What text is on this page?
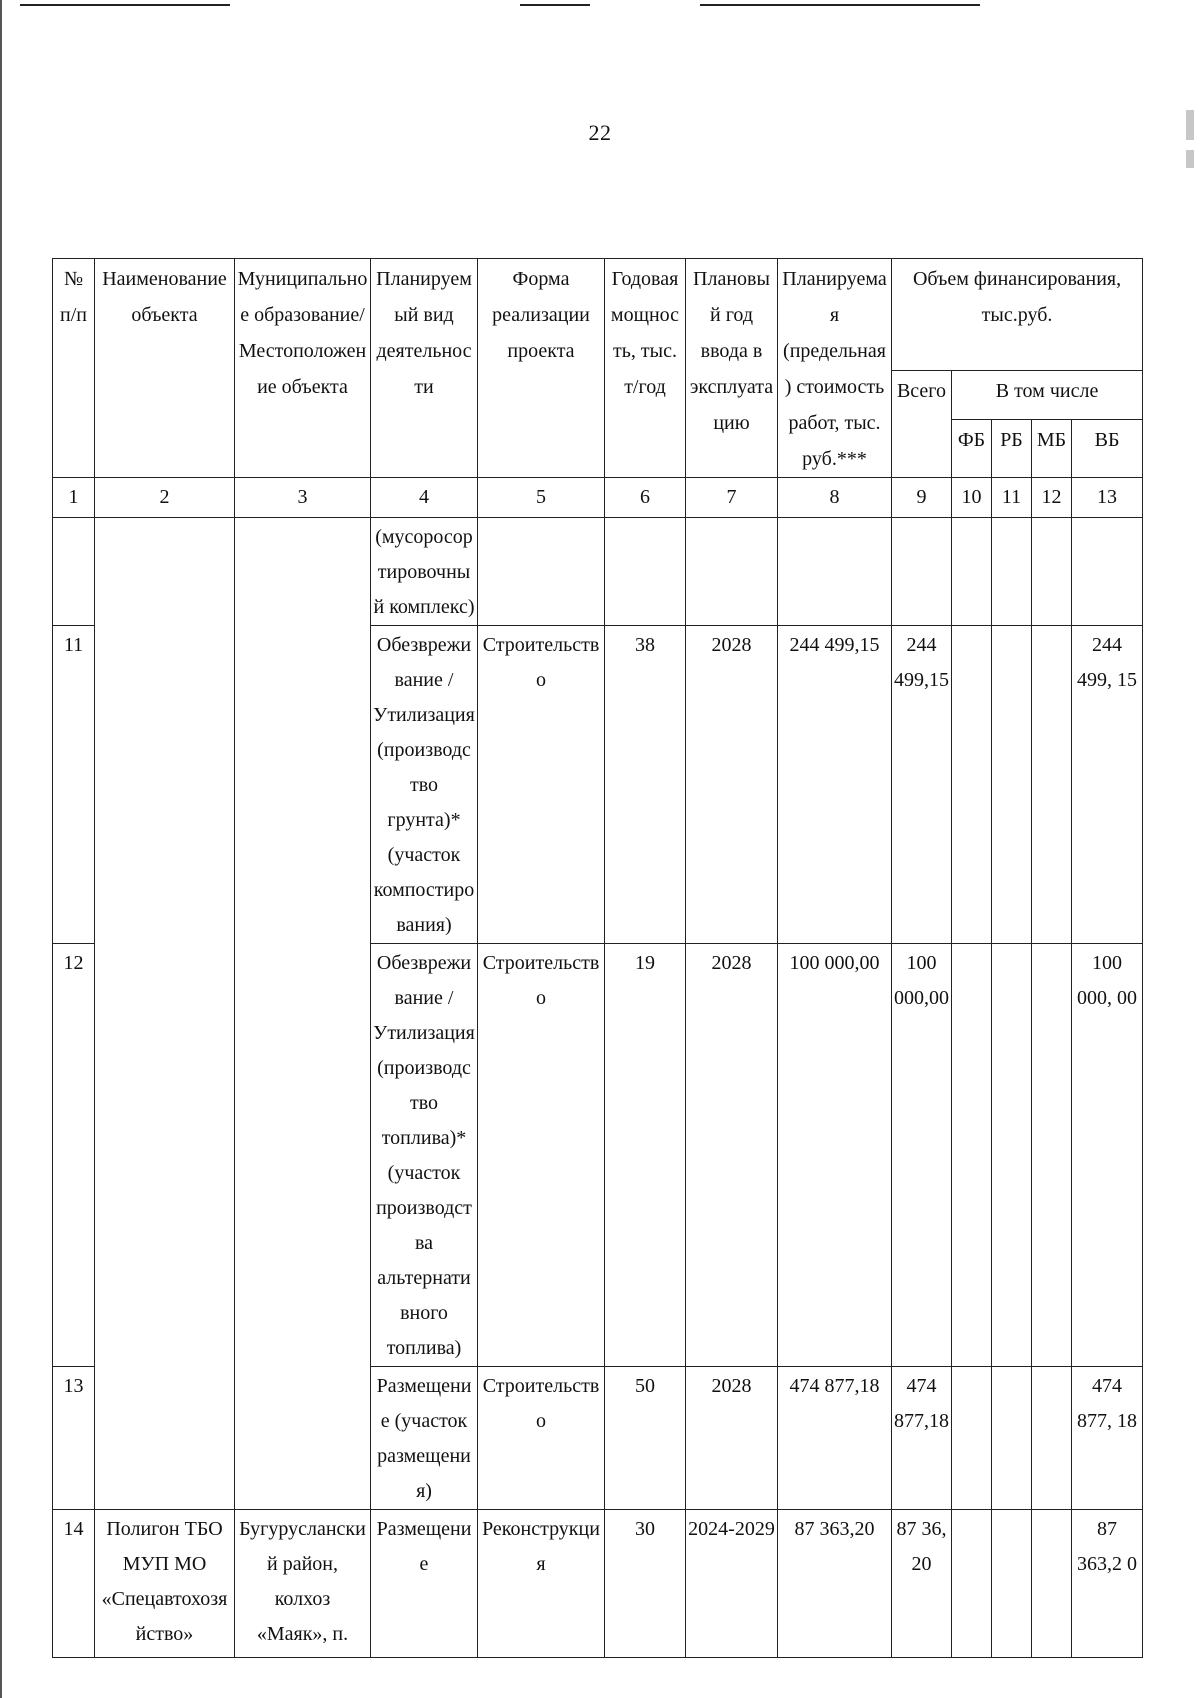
22
№ п/п	Наименование объекта	Муниципальное образование/ Местоположение объекта	Планируемый вид деятельности	Форма реализации проекта	Годовая мощность, тыс. т/год	Плановый год ввода в эксплуатацию	Планируемая (предельная) стоимость работ, тыс. руб.***	Объем финансирования, тыс.руб.				
								Всего	В том числе			
									ФБ	РБ	МБ	ВБ
1	2	3	4	5	6	7	8	9	10	11	12	13
			(мусоросортировочный комплекс)									
11			Обезвреживание / Утилизация (производство грунта)* (участок компостирования)	Строительство	38	2028	244 499,15	244 499,15				244 499, 15
12			Обезвреживание / Утилизация (производство топлива)* (участок производства альтернативного топлива)	Строительство	19	2028	100 000,00	100 000,00				100 000, 00
13			Размещение (участок размещения)	Строительство	50	2028	474 877,18	474 877,18				474 877, 18
14	Полигон ТБО МУП МО «Спецавтохозяйство»	Бугурусланский район, колхоз «Маяк», п.	Размещение	Реконструкция	30	2024-2029	87 363,20	87 36, 20				87 363,2 0
